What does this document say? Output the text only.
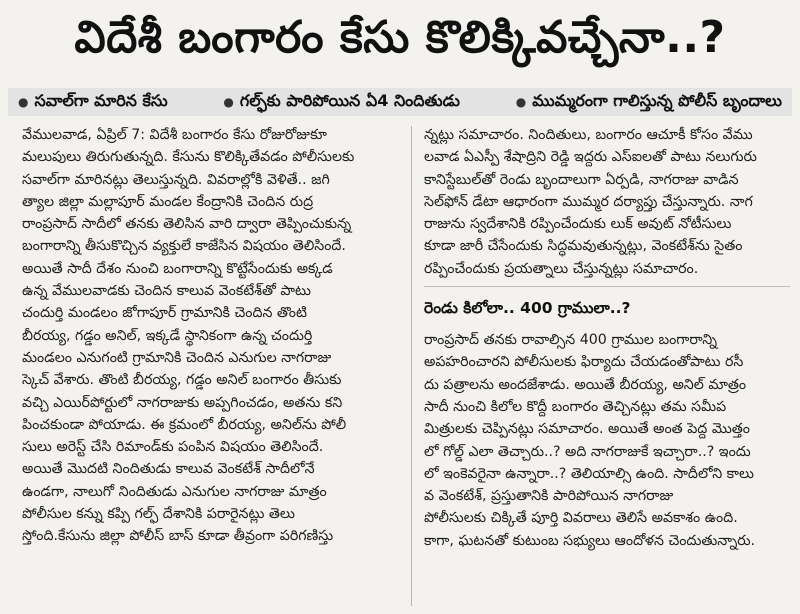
విదేశీ బంగారం కేసు కొలిక్కివచ్చేనా..?
● సవాల్‌గా మారిన కేసు	● గల్ఫ్‌కు పారిపోయిన ఏ4 నిందితుడు	● ముమ్మరంగా గాలిస్తున్న పోలీస్ బృందాలు
వేములవాడ, ఏప్రిల్ 7: విదేశీ బంగారం కేసు రోజురోజుకూ
మలుపులు తిరుగుతున్నది. కేసును కొలిక్కితేవడం పోలీసులకు
సవాల్‌గా మారినట్లు తెలుస్తున్నది. వివరాల్లోకి వెళితే.. జగి
త్యాల జిల్లా మల్లాపూర్ మండల కేంద్రానికి చెందిన రుద్ర
రాంప్రసాద్ సాదీలో తనకు తెలిసిన వారి ద్వారా తెప్పించుకున్న
బంగారాన్ని తీసుకొచ్చిన వ్యక్తులే కాజేసిన విషయం తెలిసిందే.
అయితే సాదీ దేశం నుంచి బంగారాన్ని కొట్టేసేందుకు అక్కడ
ఉన్న వేములవాడకు చెందిన కాలువ వెంకటేశ్‌తో పాటు
చందుర్తి మండలం జోగాపూర్ గ్రామానికి చెందిన తొంటి
బీరయ్య, గడ్డం అనిల్, ఇక్కడే స్థానికంగా ఉన్న చందుర్తి
మండలం ఎనుగంటి గ్రామానికి చెందిన ఎనుగుల నాగరాజు
స్కెచ్ వేశారు. తొంటి బీరయ్య, గడ్డం అనిల్ బంగారం తీసుకు
వచ్చి ఎయిర్‌పోర్టులో నాగరాజుకు అప్పగించడం, అతను కని
పించకుండా పోయాడు. ఈ క్రమంలో బీరయ్య, అనిల్‌ను పోలీ
సులు అరెస్ట్ చేసి రిమాండ్‌కు పంపిన విషయం తెలిసిందే.
అయితే మొదటి నిందితుడు కాలువ వెంకటేశ్ సాదీలోనే
ఉండగా, నాలుగో నిందితుడు ఎనుగుల నాగరాజు మాత్రం
పోలీసుల కన్ను కప్పి గల్ఫ్ దేశానికి పరారైనట్లు తెలు
స్తోంది.కేసును జిల్లా పోలీస్ బాస్ కూడా తీవ్రంగా పరిగణిస్తు
న్నట్లు సమాచారం. నిందితులు, బంగారం ఆచూకీ కోసం వేము
లవాడ ఏఎస్పీ శేషాద్రిని రెడ్డి ఇద్దరు ఎస్ఐలతో పాటు నలుగురు
కానిస్టేబుల్‌తో రెండు బృందాలుగా ఏర్పడి, నాగరాజు వాడిన
సెల్‌ఫోన్ డేటా ఆధారంగా ముమ్మర దర్యాప్తు చేస్తున్నారు. నాగ
రాజును స్వదేశానికి రప్పించేందుకు లుక్ అవుట్ నోటీసులు
కూడా జారీ చేసేందుకు సిద్ధమవుతున్నట్లు, వెంకటేశ్‌ను సైతం
రప్పించేందుకు ప్రయత్నాలు చేస్తున్నట్లు సమాచారం.
రెండు కిలోలా.. 400 గ్రాములా..?
రాంప్రసాద్ తనకు రావాల్సిన 400 గ్రాముల బంగారాన్ని
అపహరించారని పోలీసులకు ఫిర్యాదు చేయడంతోపాటు రసీ
దు పత్రాలను అందజేశాడు. అయితే బీరయ్య, అనిల్ మాత్రం
సాదీ నుంచి కిలోల కొద్దీ బంగారం తెచ్చినట్లు తమ సమీప
మిత్రులకు చెప్పినట్లు సమాచారం. అయితే అంత పెద్ద మొత్తం
లో గోల్డ్ ఎలా తెచ్చారు..? అది నాగరాజుకే ఇచ్చారా..? ఇందు
లో ఇంకెవరైనా ఉన్నారా..? తెలియాల్సి ఉంది. సాదీలోని కాలు
వ వెంకటేశ్, ప్రస్తుతానికి పారిపోయిన నాగరాజు
పోలీసులకు చిక్కితే పూర్తి వివరాలు తెలిసే అవకాశం ఉంది.
కాగా, ఘటనతో కుటుంబ సభ్యులు ఆందోళన చెందుతున్నారు.
